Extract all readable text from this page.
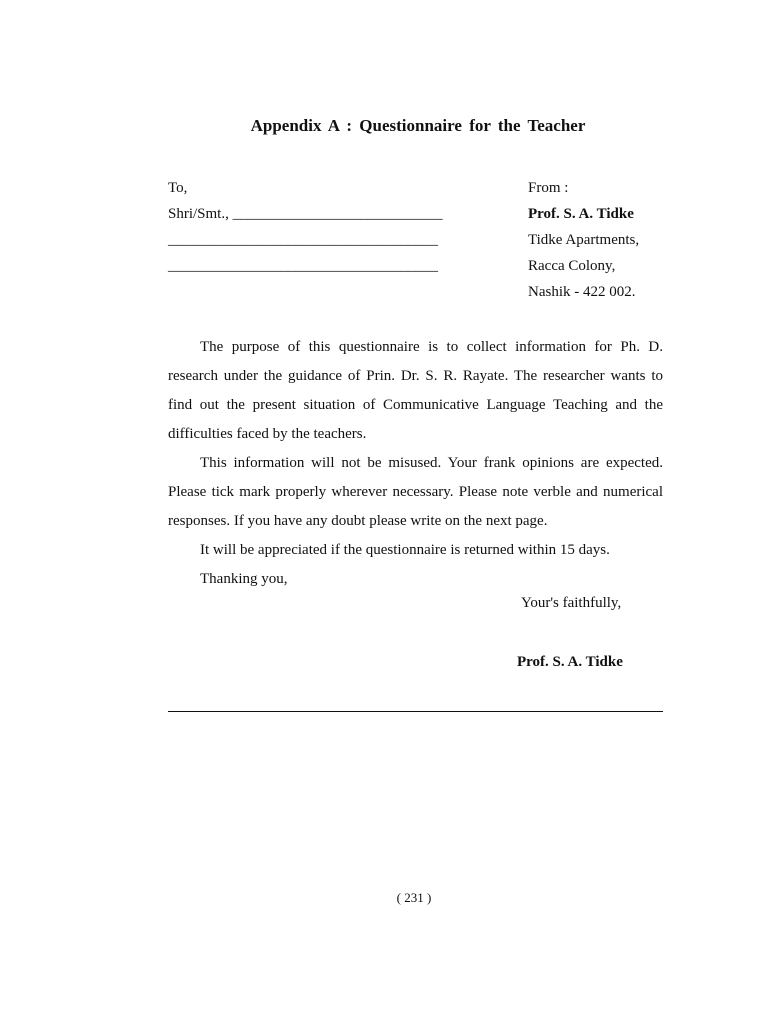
Appendix A : Questionnaire for the Teacher
To,
Shri/Smt., ____________________________
____________________________________
____________________________________
From :
Prof. S. A. Tidke
Tidke Apartments,
Racca Colony,
Nashik - 422 002.

The purpose of this questionnaire is to collect information for Ph. D. research under the guidance of Prin. Dr. S. R. Rayate. The researcher wants to find out the present situation of Communicative Language Teaching and the difficulties faced by the teachers.

This information will not be misused. Your frank opinions are expected. Please tick mark properly wherever necessary. Please note verble and numerical responses. If you have any doubt please write on the next page.

It will be appreciated if the questionnaire is returned within 15 days.

Thanking you,

Your's faithfully,
Prof. S. A. Tidke
( 231 )
